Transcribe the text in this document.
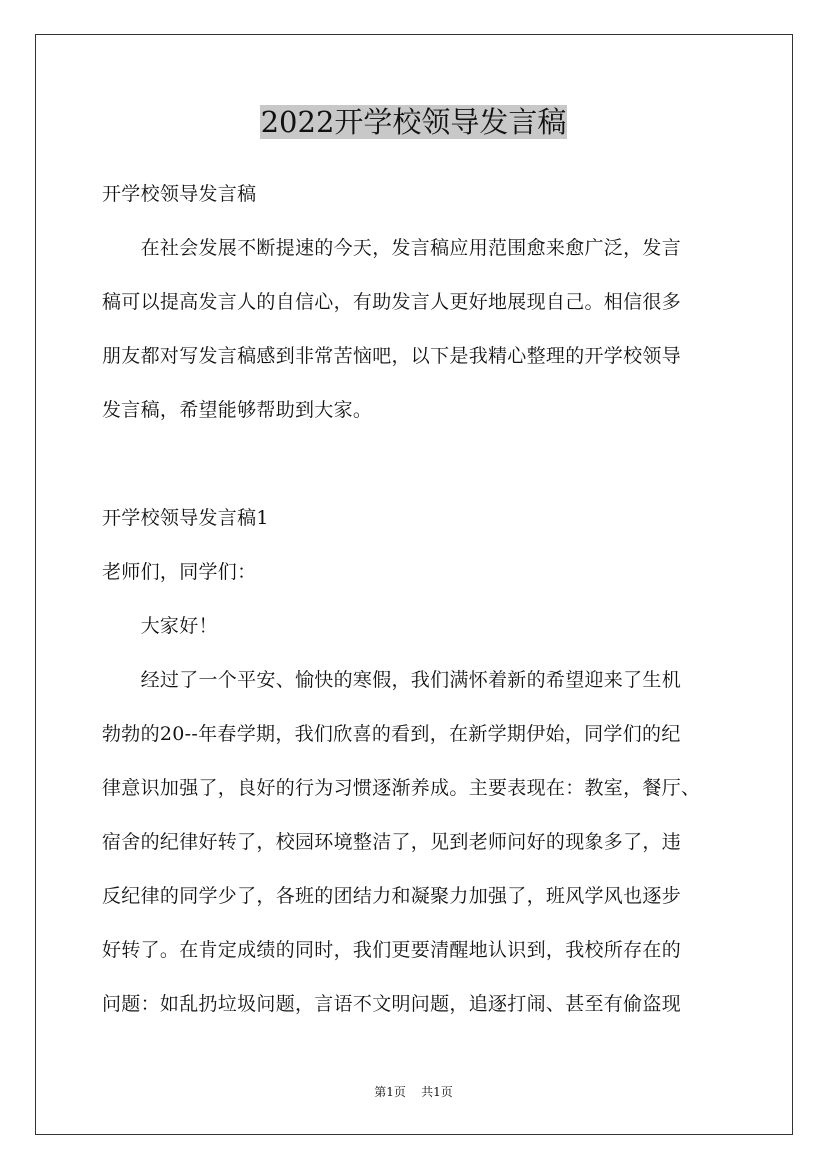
2022开学校领导发言稿
开学校领导发言稿
　　在社会发展不断提速的今天，发言稿应用范围愈来愈广泛，发言
稿可以提高发言人的自信心，有助发言人更好地展现自己。相信很多
朋友都对写发言稿感到非常苦恼吧，以下是我精心整理的开学校领导
发言稿，希望能够帮助到大家。
开学校领导发言稿1
老师们，同学们：
　　大家好！
　　经过了一个平安、愉快的寒假，我们满怀着新的希望迎来了生机
勃勃的20--年春学期，我们欣喜的看到，在新学期伊始，同学们的纪
律意识加强了，良好的行为习惯逐渐养成。主要表现在：教室，餐厅、
宿舍的纪律好转了，校园环境整洁了，见到老师问好的现象多了，违
反纪律的同学少了，各班的团结力和凝聚力加强了，班风学风也逐步
好转了。在肯定成绩的同时，我们更要清醒地认识到，我校所存在的
问题：如乱扔垃圾问题，言语不文明问题，追逐打闹、甚至有偷盗现
第1页 共1页
